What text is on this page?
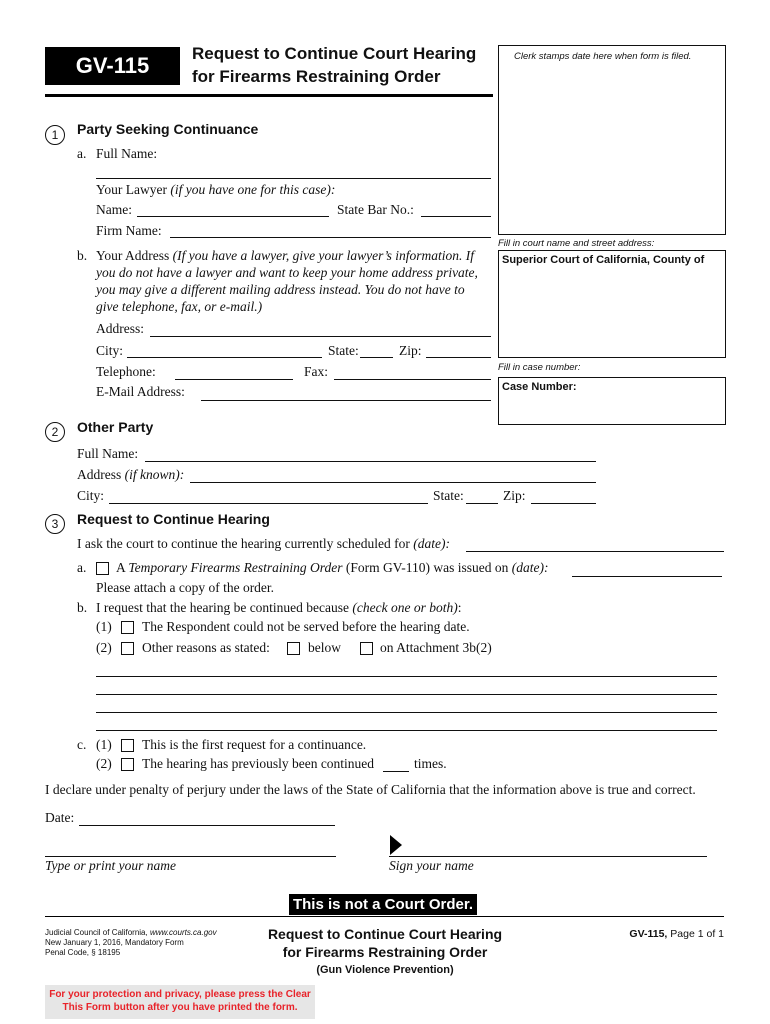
GV-115	Request to Continue Court Hearing
for Firearms Restraining Order
Clerk stamps date here when form is filed.
Fill in court name and street address:
Superior Court of California, County of
Fill in case number:
Case Number:
1	Party Seeking Continuance
a. Full Name:
Your Lawyer (if you have one for this case):
Name:	State Bar No.:
Firm Name:
b. Your Address (If you have a lawyer, give your lawyer’s information. If
you do not have a lawyer and want to keep your home address private,
you may give a different mailing address instead. You do not have to
give telephone, fax, or e-mail.)
Address:
City:	State:	Zip:
Telephone:	Fax:
E-Mail Address:
2	Other Party
Full Name:
Address (if known):
City:	State:	Zip:
3	Request to Continue Hearing
I ask the court to continue the hearing currently scheduled for (date):
a. A Temporary Firearms Restraining Order (Form GV-110) was issued on (date):
Please attach a copy of the order.
b. I request that the hearing be continued because (check one or both):
(1) The Respondent could not be served before the hearing date.
(2) Other reasons as stated:	below	on Attachment 3b(2)
c. (1) This is the first request for a continuance.
(2) The hearing has previously been continued	times.
I declare under penalty of perjury under the laws of the State of California that the information above is true and correct.
Date:
Type or print your name	Sign your name
This is not a Court Order.
Judicial Council of California, www.courts.ca.gov
New January 1, 2016, Mandatory Form
Penal Code, § 18195
Request to Continue Court Hearing
for Firearms Restraining Order
(Gun Violence Prevention)
GV-115, Page 1 of 1
For your protection and privacy, please press the Clear
This Form button after you have printed the form.
